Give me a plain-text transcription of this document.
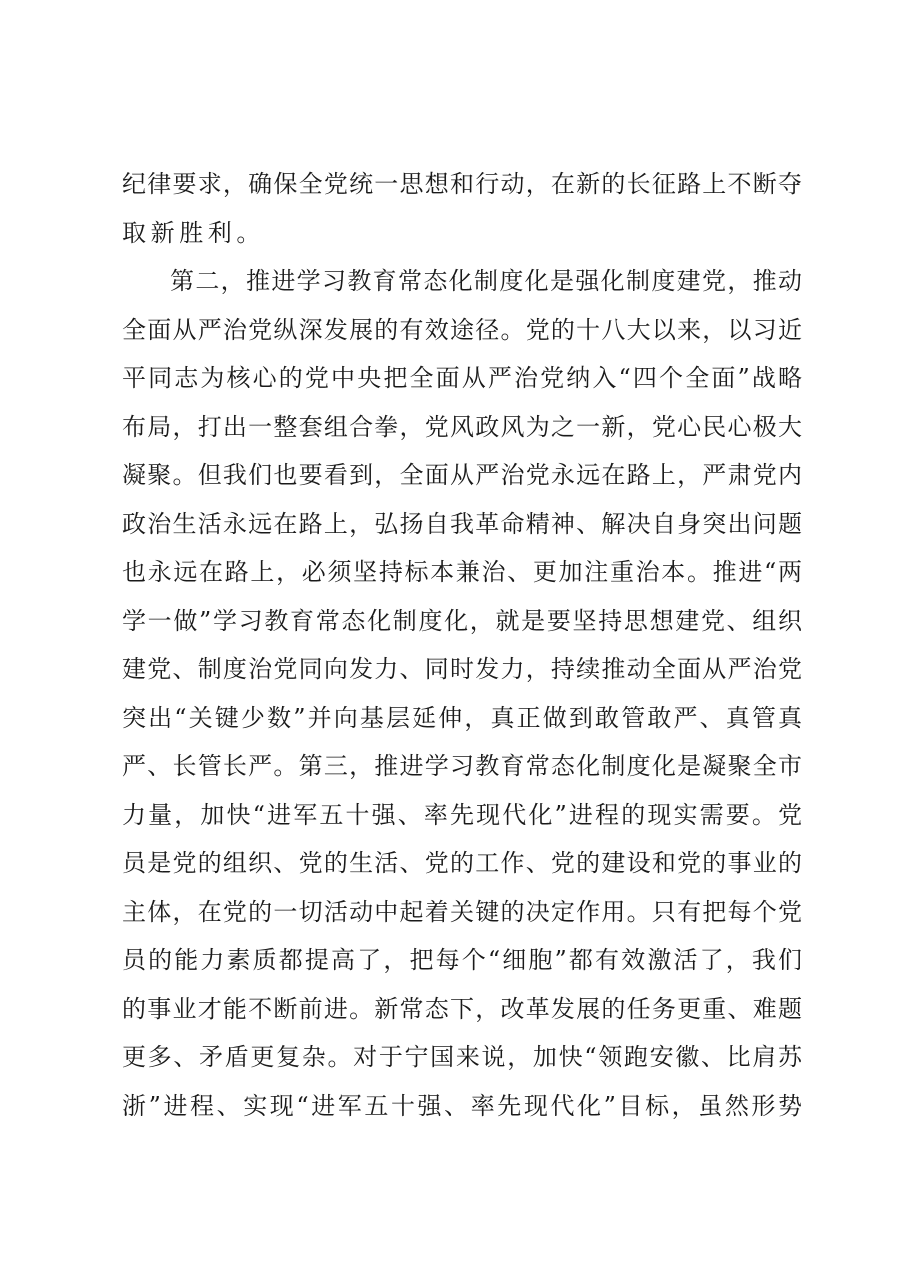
纪律要求，确保全党统一思想和行动，在新的长征路上不断夺
取新胜利。
第二，推进学习教育常态化制度化是强化制度建党，推动
全面从严治党纵深发展的有效途径。党的十八大以来，以习近
平同志为核心的党中央把全面从严治党纳入“四个全面”战略
布局，打出一整套组合拳，党风政风为之一新，党心民心极大
凝聚。但我们也要看到，全面从严治党永远在路上，严肃党内
政治生活永远在路上，弘扬自我革命精神、解决自身突出问题
也永远在路上，必须坚持标本兼治、更加注重治本。推进“两
学一做”学习教育常态化制度化，就是要坚持思想建党、组织
建党、制度治党同向发力、同时发力，持续推动全面从严治党
突出“关键少数”并向基层延伸，真正做到敢管敢严、真管真
严、长管长严。第三，推进学习教育常态化制度化是凝聚全市
力量，加快“进军五十强、率先现代化”进程的现实需要。党
员是党的组织、党的生活、党的工作、党的建设和党的事业的
主体，在党的一切活动中起着关键的决定作用。只有把每个党
员的能力素质都提高了，把每个“细胞”都有效激活了，我们
的事业才能不断前进。新常态下，改革发展的任务更重、难题
更多、矛盾更复杂。对于宁国来说，加快“领跑安徽、比肩苏
浙”进程、实现“进军五十强、率先现代化”目标，虽然形势
